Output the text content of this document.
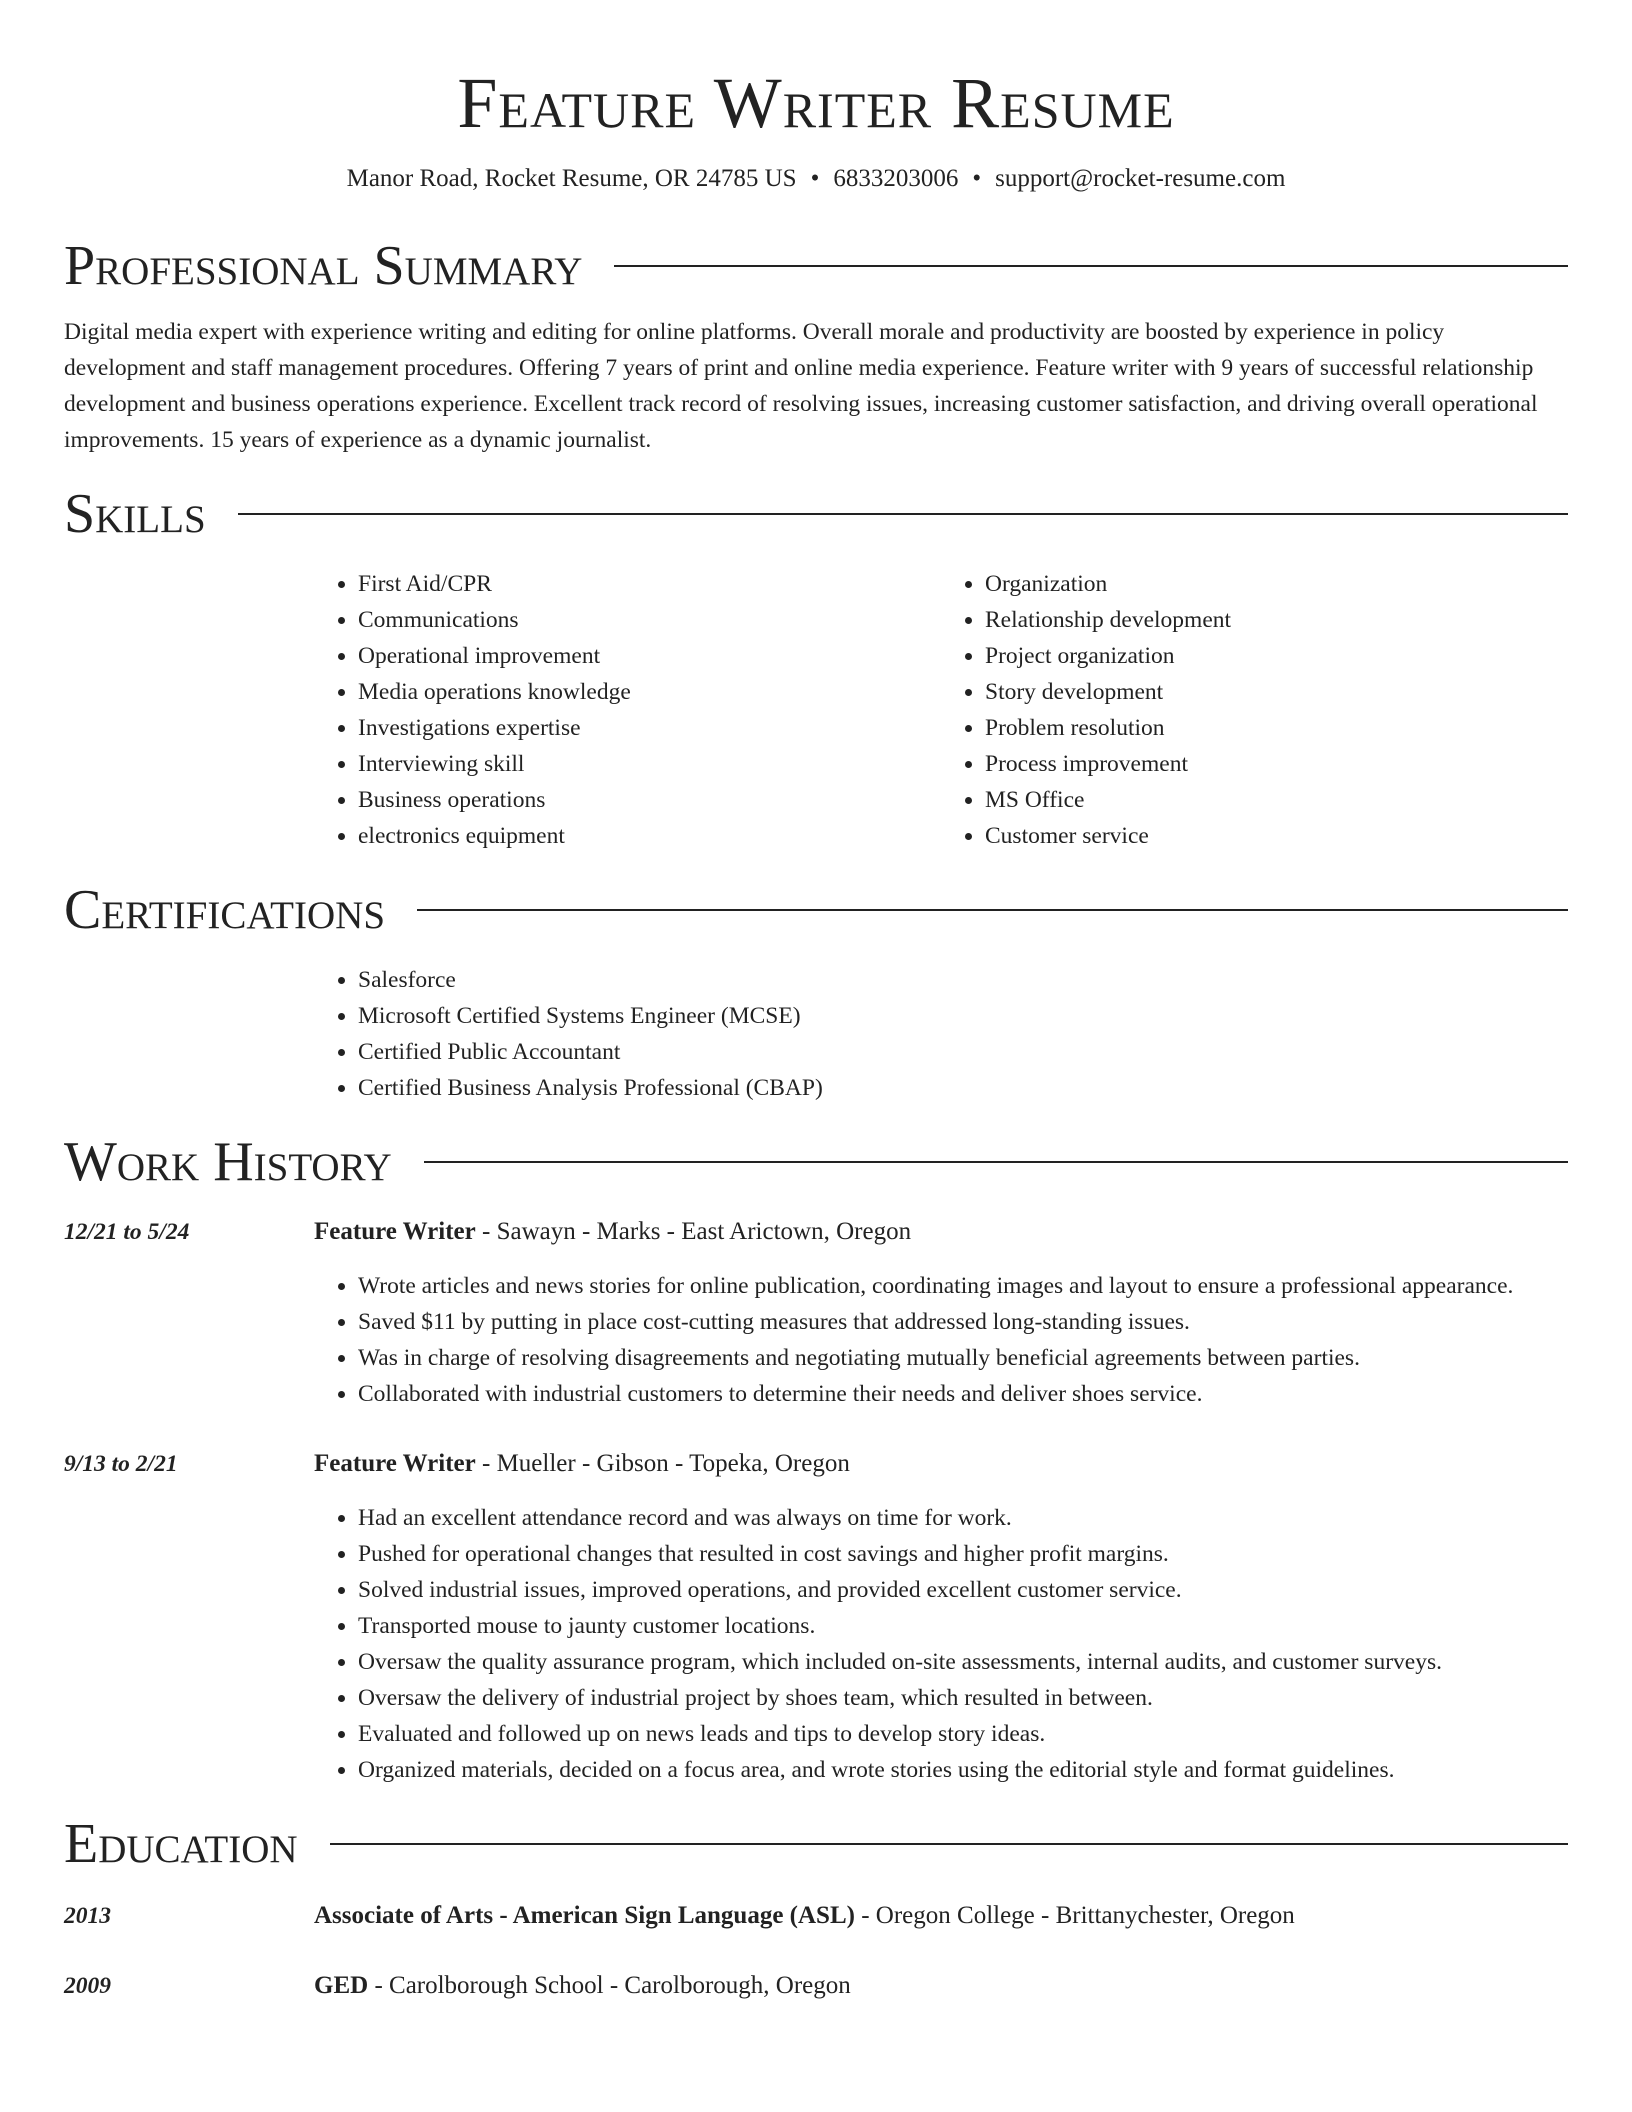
Feature Writer Resume
Manor Road, Rocket Resume, OR 24785 US • 6833203006 • support@rocket-resume.com
Professional Summary

Digital media expert with experience writing and editing for online platforms. Overall morale and productivity are boosted by experience in policy development and staff management procedures. Offering 7 years of print and online media experience. Feature writer with 9 years of successful relationship development and business operations experience. Excellent track record of resolving issues, increasing customer satisfaction, and driving overall operational improvements. 15 years of experience as a dynamic journalist.

Skills
• First Aid/CPR
• Communications
• Operational improvement
• Media operations knowledge
• Investigations expertise
• Interviewing skill
• Business operations
• electronics equipment
• Organization
• Relationship development
• Project organization
• Story development
• Problem resolution
• Process improvement
• MS Office
• Customer service
Certifications
• Salesforce
• Microsoft Certified Systems Engineer (MCSE)
• Certified Public Accountant
• Certified Business Analysis Professional (CBAP)
Work History
12/21 to 5/24	Feature Writer - Sawayn - Marks - East Arictown, Oregon
• Wrote articles and news stories for online publication, coordinating images and layout to ensure a professional appearance.
• Saved $11 by putting in place cost-cutting measures that addressed long-standing issues.
• Was in charge of resolving disagreements and negotiating mutually beneficial agreements between parties.
• Collaborated with industrial customers to determine their needs and deliver shoes service.
9/13 to 2/21	Feature Writer - Mueller - Gibson - Topeka, Oregon
• Had an excellent attendance record and was always on time for work.
• Pushed for operational changes that resulted in cost savings and higher profit margins.
• Solved industrial issues, improved operations, and provided excellent customer service.
• Transported mouse to jaunty customer locations.
• Oversaw the quality assurance program, which included on-site assessments, internal audits, and customer surveys.
• Oversaw the delivery of industrial project by shoes team, which resulted in between.
• Evaluated and followed up on news leads and tips to develop story ideas.
• Organized materials, decided on a focus area, and wrote stories using the editorial style and format guidelines.
Education
2013	Associate of Arts - American Sign Language (ASL) - Oregon College - Brittanychester, Oregon
2009	GED - Carolborough School - Carolborough, Oregon
